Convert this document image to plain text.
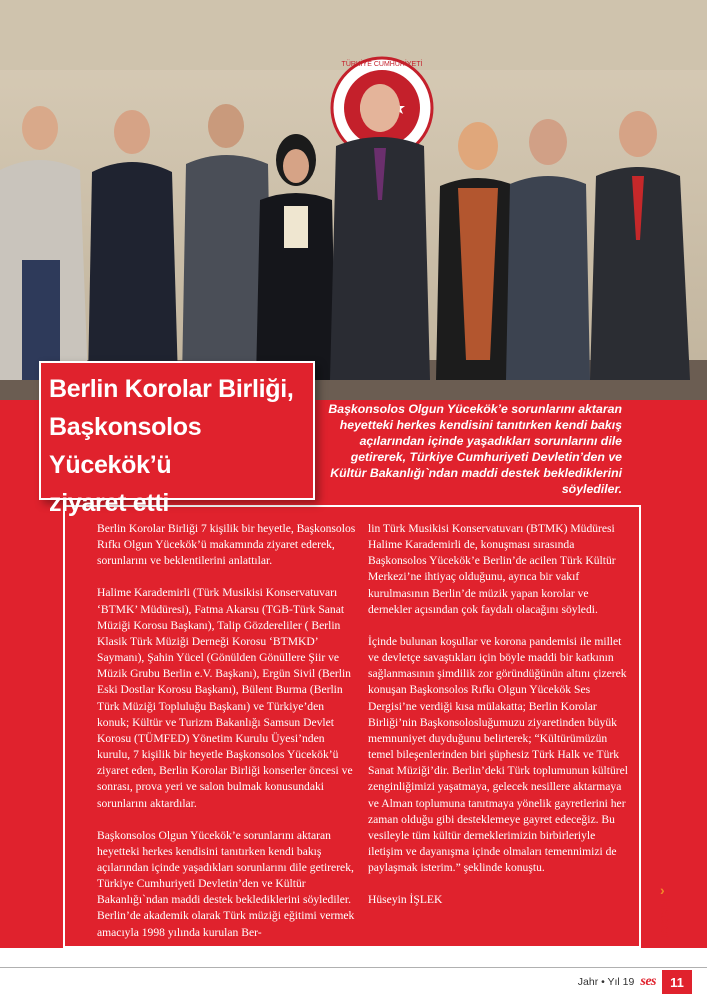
TÜRKİYE CUMHURİYETİ
Berlin Korolar Birliği,
Başkonsolos Yücekök’ü
ziyaret etti

Başkonsolos Olgun Yücekök’e sorunlarını aktaran heyetteki herkes kendisini tanıtırken kendi bakış açılarından içinde yaşadıkları sorunlarını dile getirerek, Türkiye Cumhuriyeti Devletin’den ve Kültür Bakanlığı`ndan maddi destek beklediklerini söylediler.

Berlin Korolar Birliği 7 kişilik bir heyetle, Başkonsolos Rıfkı Olgun Yücekök’ü makamında ziyaret ederek, sorunlarını ve beklentilerini anlattılar.

Halime Karademirli (Türk Musikisi Konservatuvarı ‘BTMK’ Müdüresi), Fatma Akarsu (TGB-Türk Sanat Müziği Korosu Başkanı), Talip Gözdereliler ( Berlin Klasik Türk Müziği Derneği Korosu ‘BTMKD’ Saymanı), Şahin Yücel (Gönülden Gönüllere Şiir ve Müzik Grubu Berlin e.V. Başkanı), Ergün Sivil (Berlin Eski Dostlar Korosu Başkanı), Bülent Burma (Berlin Türk Müziği Topluluğu Başkanı) ve Türkiye’den konuk; Kültür ve Turizm Bakanlığı Samsun Devlet Korosu (TÜMFED) Yönetim Kurulu Üyesi’nden kurulu, 7 kişilik bir heyetle Başkonsolos Yücekök’ü ziyaret eden, Berlin Korolar Birliği konserler öncesi ve sonrası, prova yeri ve salon bulmak konusundaki sorunlarını aktardılar.

Başkonsolos Olgun Yücekök’e sorunlarını aktaran heyetteki herkes kendisini tanıtırken kendi bakış açılarından içinde yaşadıkları sorunlarını dile getirerek, Türkiye Cumhuriyeti Devletin’den ve Kültür Bakanlığı`ndan maddi destek beklediklerini söylediler. Berlin’de akademik olarak Türk müziği eğitimi vermek amacıyla 1998 yılında kurulan Ber-

lin Türk Musikisi Konservatuvarı (BTMK) Müdüresi Halime Karademirli de, konuşması sırasında Başkonsolos Yücekök’e Berlin’de acilen Türk Kültür Merkezi’ne ihtiyaç olduğunu, ayrıca bir vakıf kurulmasının Berlin’de müzik yapan korolar ve dernekler açısından çok faydalı olacağını söyledi.

İçinde bulunan koşullar ve korona pandemisi ile millet ve devletçe savaştıkları için böyle maddi bir katkının sağlanmasının şimdilik zor göründüğünün altını çizerek konuşan Başkonsolos Rıfkı Olgun Yücekök Ses Dergisi’ne verdiği kısa mülakatta; Berlin Korolar Birliği’nin Başkonsolosluğumuzu ziyaretinden büyük memnuniyet duyduğunu belirterek; “Kültürümüzün temel bileşenlerinden biri şüphesiz Türk Halk ve Türk Sanat Müziği’dir. Berlin’deki Türk toplumunun kültürel zenginliğimizi yaşatmaya, gelecek nesillere aktarmaya ve Alman toplumuna tanıtmaya yönelik gayretlerini her zaman olduğu gibi desteklemeye gayret edeceğiz. Bu vesileyle tüm kültür derneklerimizin birbirleriyle iletişim ve dayanışma içinde olmaları temennimizi de paylaşmak isterim.” şeklinde konuştu.

Hüseyin İŞLEK

›
Haber
Jahr • Yıl 19 ses	11
